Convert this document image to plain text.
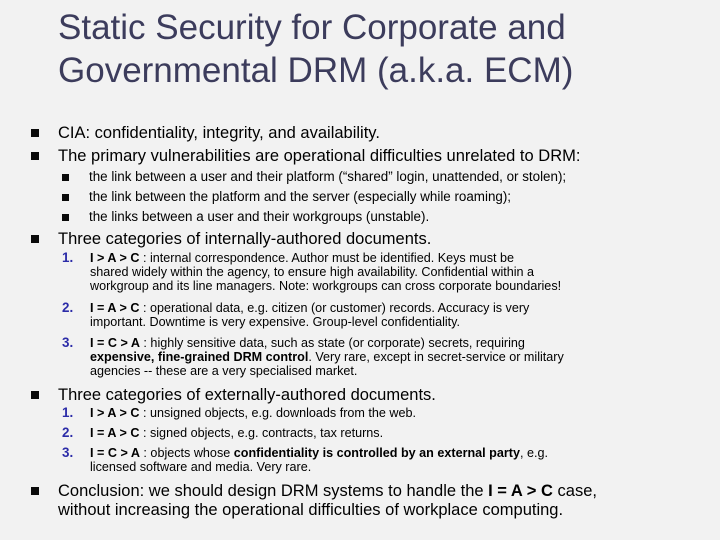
Static Security for Corporate and
Governmental DRM (a.k.a. ECM)
CIA: confidentiality, integrity, and availability.
The primary vulnerabilities are operational difficulties unrelated to DRM:
the link between a user and their platform (“shared” login, unattended, or stolen);
the link between the platform and the server (especially while roaming);
the links between a user and their workgroups (unstable).
Three categories of internally-authored documents.
1. I > A > C : internal correspondence. Author must be identified. Keys must be
shared widely within the agency, to ensure high availability. Confidential within a
workgroup and its line managers. Note: workgroups can cross corporate boundaries!
2. I = A > C : operational data, e.g. citizen (or customer) records. Accuracy is very
important. Downtime is very expensive. Group-level confidentiality.
3. I = C > A : highly sensitive data, such as state (or corporate) secrets, requiring
expensive, fine-grained DRM control. Very rare, except in secret-service or military
agencies -- these are a very specialised market.
Three categories of externally-authored documents.
1. I > A > C : unsigned objects, e.g. downloads from the web.
2. I = A > C : signed objects, e.g. contracts, tax returns.
3. I = C > A : objects whose confidentiality is controlled by an external party, e.g.
licensed software and media. Very rare.
Conclusion: we should design DRM systems to handle the I = A > C case,
without increasing the operational difficulties of workplace computing.
